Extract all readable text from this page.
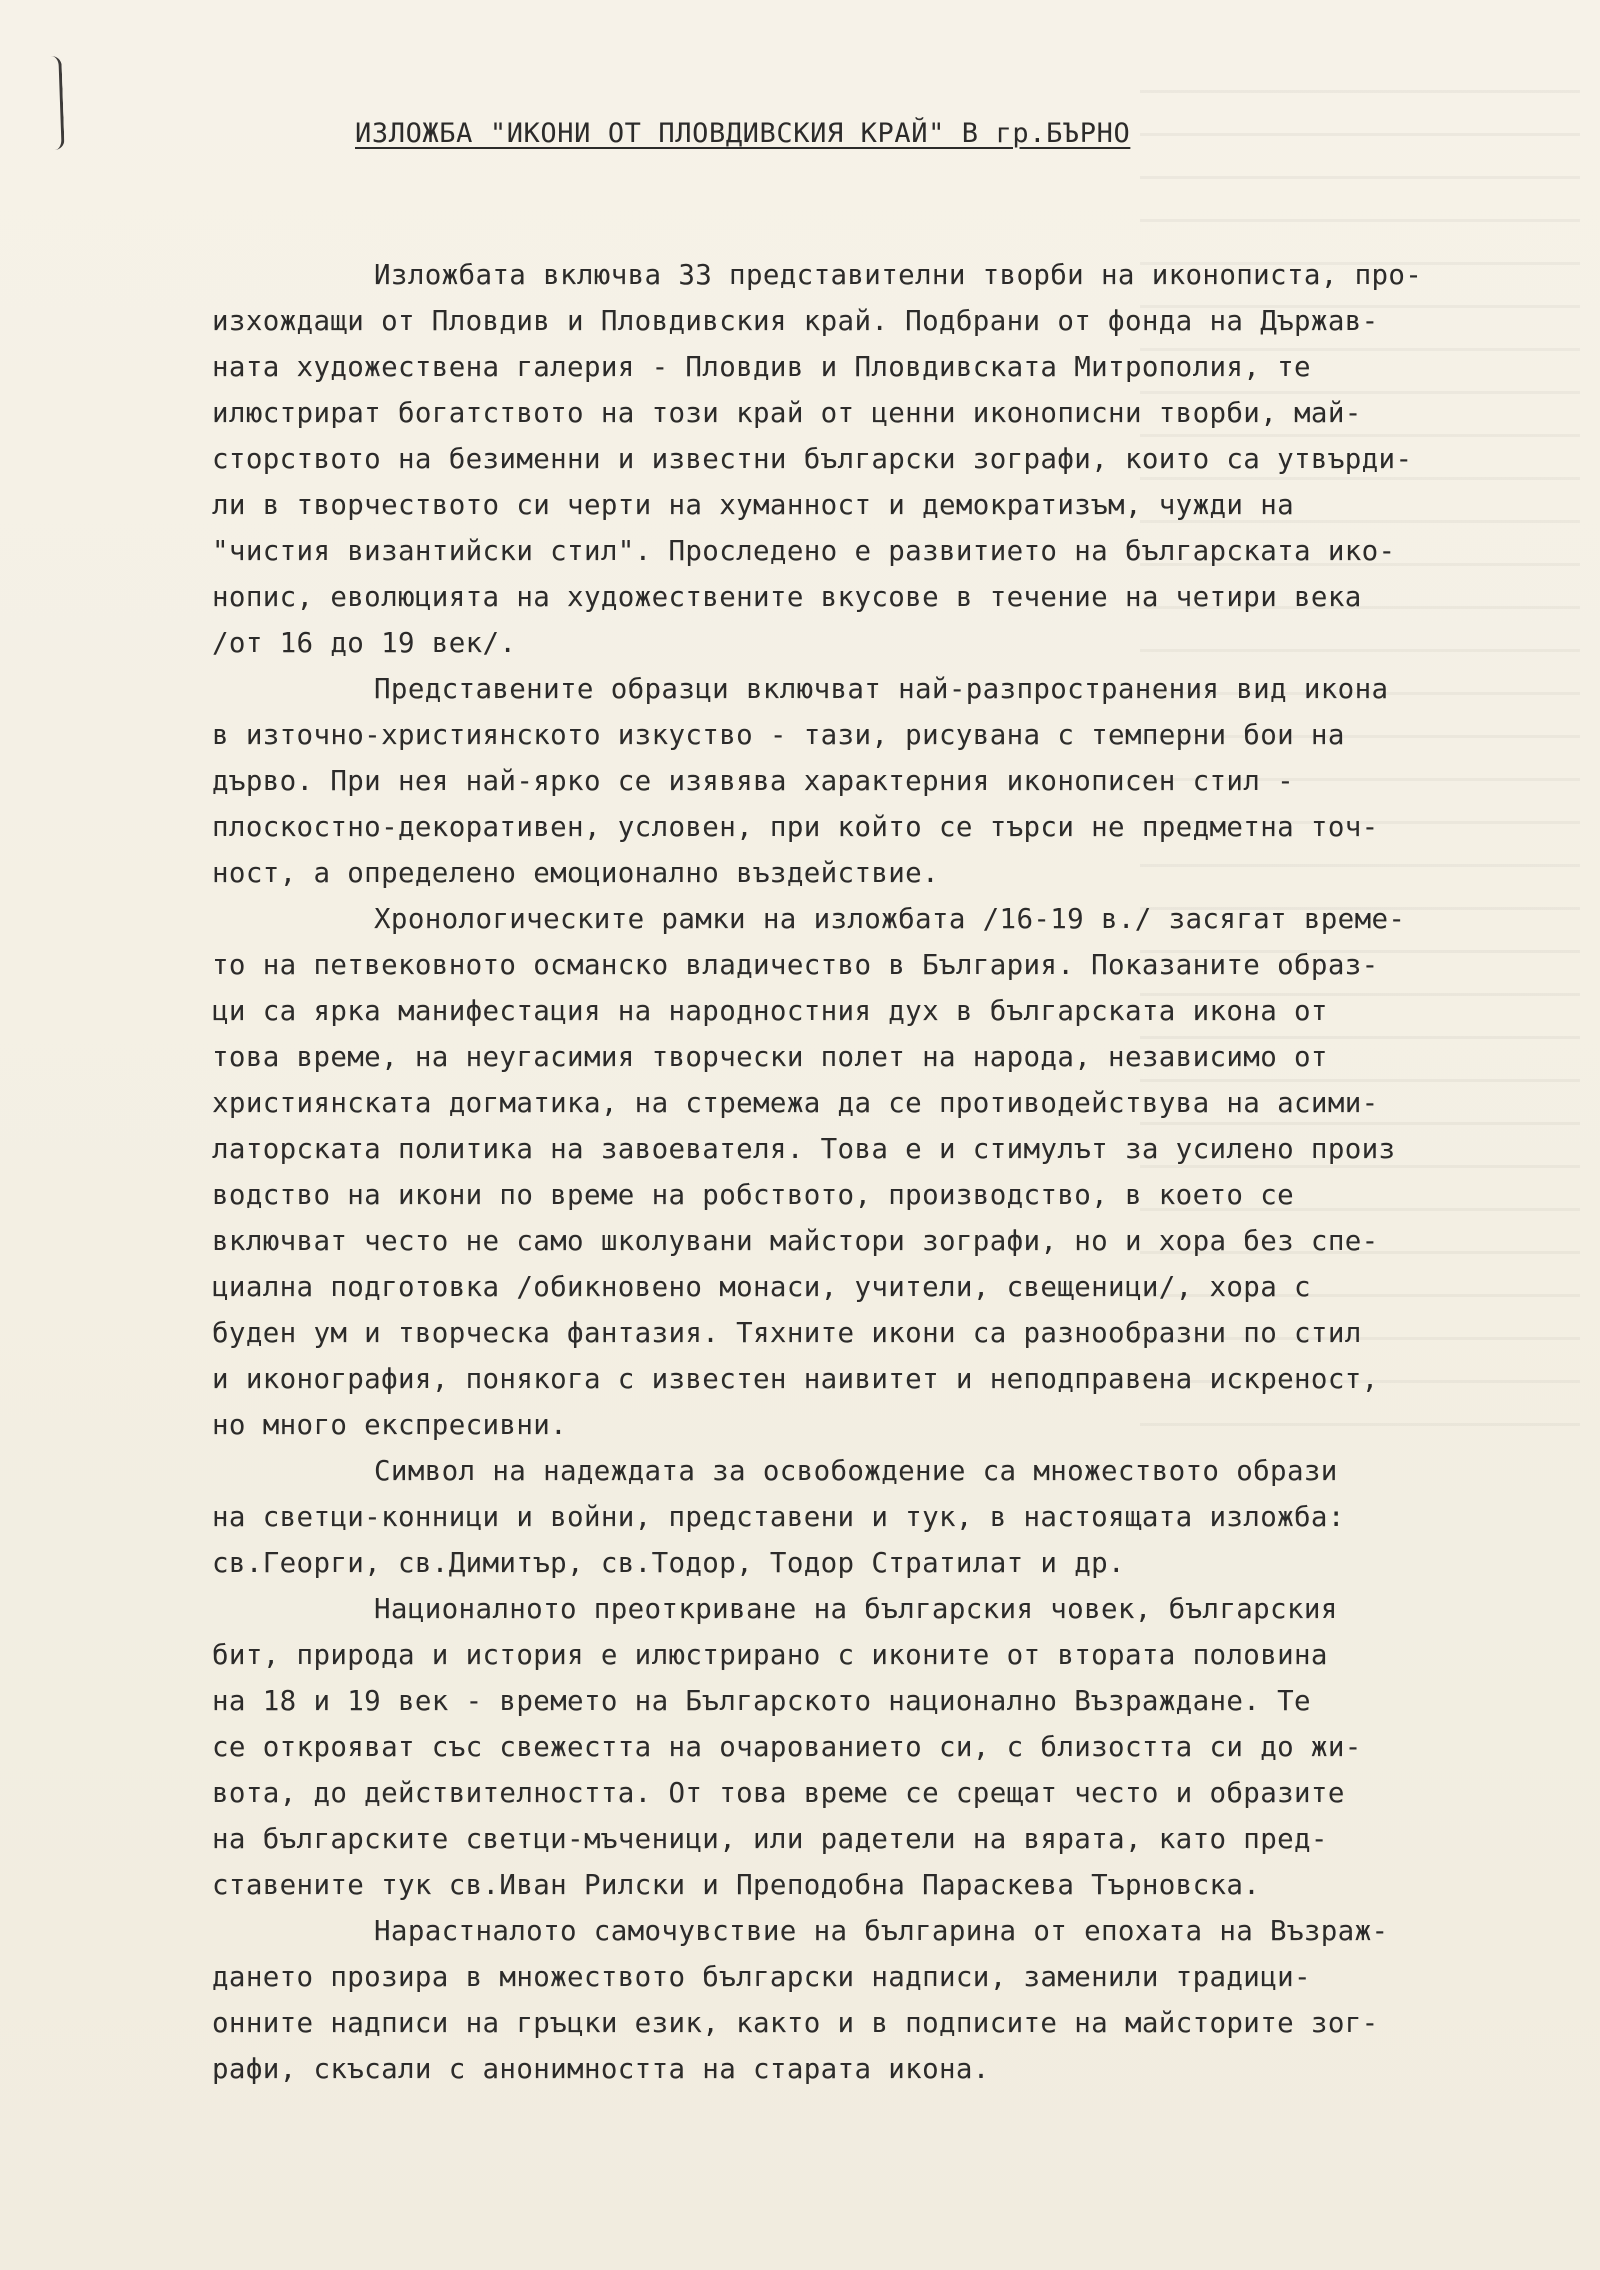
ИЗЛОЖБА "ИКОНИ ОТ ПЛОВДИВСКИЯ КРАЙ" В гр.БЪРНО
Изложбата включва 33 представителни творби на иконописта, про-
изхождащи от Пловдив и Пловдивския край. Подбрани от фонда на Държав-
ната художествена галерия - Пловдив и Пловдивската Митрополия, те
илюстрират богатството на този край от ценни иконописни творби, май-
сторството на безименни и известни български зографи, които са утвърди-
ли в творчеството си черти на хуманност и демократизъм, чужди на
"чистия византийски стил". Проследено е развитието на българската ико-
нопис, еволюцията на художествените вкусове в течение на четири века
/от 16 до 19 век/.
Представените образци включват най-разпространения вид икона
в източно-християнското изкуство - тази, рисувана с темперни бои на
дърво. При нея най-ярко се изявява характерния иконописен стил -
плоскостно-декоративен, условен, при който се търси не предметна точ-
ност, а определено емоционално въздействие.
Хронологическите рамки на изложбата /16-19 в./ засягат време-
то на петвековното османско владичество в България. Показаните образ-
ци са ярка манифестация на народностния дух в българската икона от
това време, на неугасимия творчески полет на народа, независимо от
християнската догматика, на стремежа да се противодействува на асими-
латорската политика на завоевателя. Това е и стимулът за усилено произ
водство на икони по време на робството, производство, в което се
включват често не само школувани майстори зографи, но и хора без спе-
циална подготовка /обикновено монаси, учители, свещеници/, хора с
буден ум и творческа фантазия. Тяхните икони са разнообразни по стил
и иконография, понякога с известен наивитет и неподправена искреност,
но много експресивни.
Символ на надеждата за освобождение са множеството образи
на светци-конници и войни, представени и тук, в настоящата изложба:
св.Георги, св.Димитър, св.Тодор, Тодор Стратилат и др.
Националното преоткриване на българския човек, българския
бит, природа и история е илюстрирано с иконите от втората половина
на 18 и 19 век - времето на Българското национално Възраждане. Те
се открояват със свежестта на очарованието си, с близостта си до жи-
вота, до действителността. От това време се срещат често и образите
на българските светци-мъченици, или радетели на вярата, като пред-
ставените тук св.Иван Рилски и Преподобна Параскева Търновска.
Нарастналото самочувствие на българина от епохата на Възраж-
дането прозира в множеството български надписи, заменили традици-
онните надписи на гръцки език, както и в подписите на майсторите зог-
рафи, скъсали с анонимността на старата икона.
